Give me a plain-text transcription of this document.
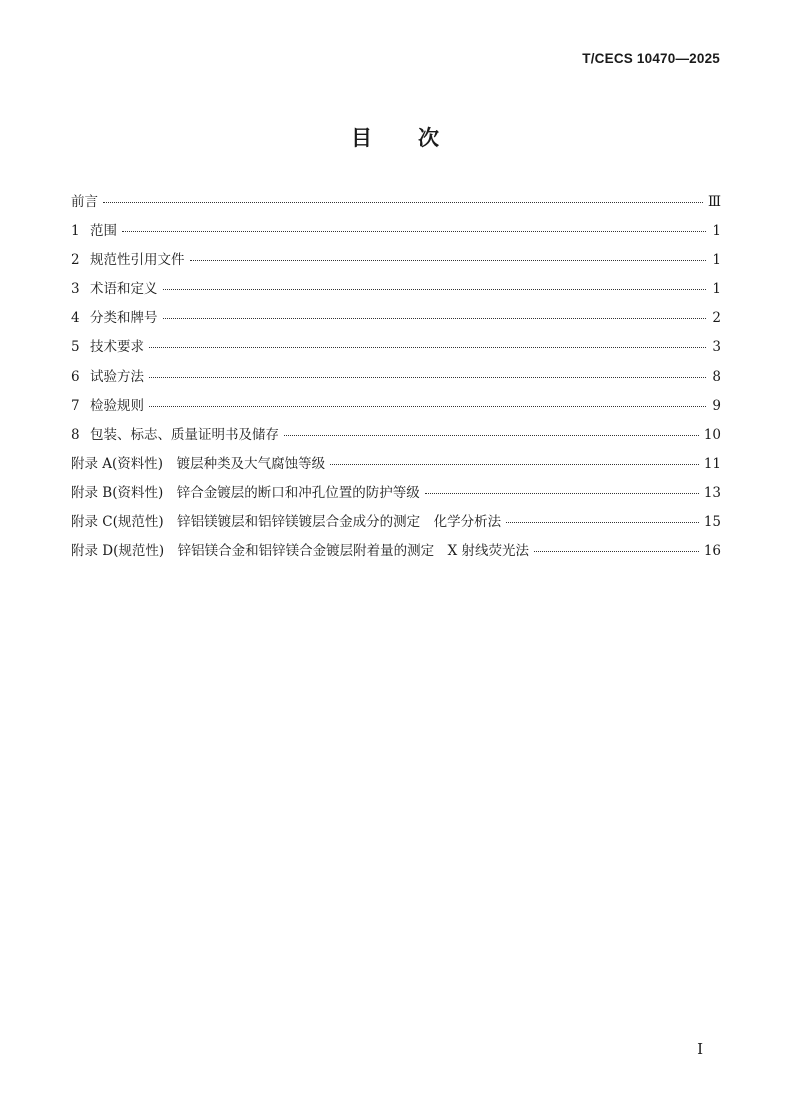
T/CECS 10470—2025
目 次
前言	Ⅲ
1 范围	1
2 规范性引用文件	1
3 术语和定义	1
4 分类和牌号	2
5 技术要求	3
6 试验方法	8
7 检验规则	9
8 包装、标志、质量证明书及储存	10
附录 A(资料性)　镀层种类及大气腐蚀等级	11
附录 B(资料性)　锌合金镀层的断口和冲孔位置的防护等级	13
附录 C(规范性)　锌铝镁镀层和铝锌镁镀层合金成分的测定　化学分析法	15
附录 D(规范性)　锌铝镁合金和铝锌镁合金镀层附着量的测定　X 射线荧光法	16
I
